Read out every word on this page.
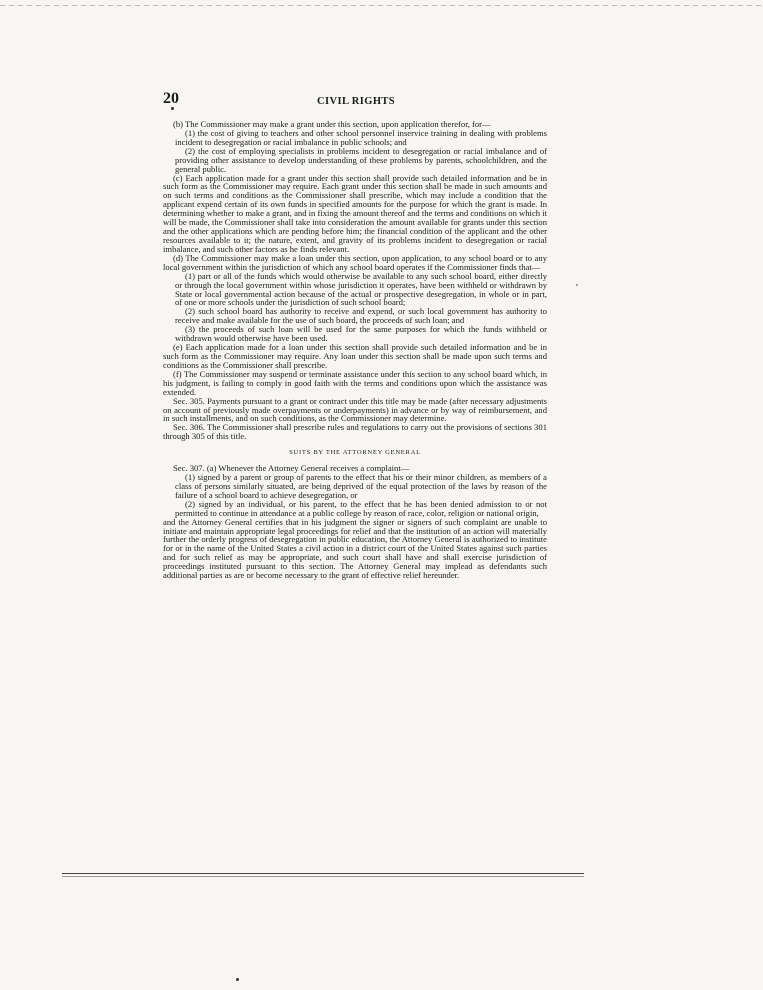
20	CIVIL RIGHTS

(b) The Commissioner may make a grant under this section, upon application therefor, for—

(1) the cost of giving to teachers and other school personnel inservice training in dealing with problems incident to desegregation or racial imbalance in public schools; and

(2) the cost of employing specialists in problems incident to desegregation or racial imbalance and of providing other assistance to develop understanding of these problems by parents, schoolchildren, and the general public.

(c) Each application made for a grant under this section shall provide such detailed information and be in such form as the Commissioner may require. Each grant under this section shall be made in such amounts and on such terms and conditions as the Commissioner shall prescribe, which may include a condition that the applicant expend certain of its own funds in specified amounts for the purpose for which the grant is made. In determining whether to make a grant, and in fixing the amount thereof and the terms and conditions on which it will be made, the Commissioner shall take into consideration the amount available for grants under this section and the other applications which are pending before him; the financial condition of the applicant and the other resources available to it; the nature, extent, and gravity of its problems incident to desegregation or racial imbalance, and such other factors as he finds relevant.

(d) The Commissioner may make a loan under this section, upon application, to any school board or to any local government within the jurisdiction of which any school board operates if the Commissioner finds that—

(1) part or all of the funds which would otherwise be available to any such school board, either directly or through the local government within whose jurisdiction it operates, have been withheld or withdrawn by State or local governmental action because of the actual or prospective desegregation, in whole or in part, of one or more schools under the jurisdiction of such school board;

(2) such school board has authority to receive and expend, or such local government has authority to receive and make available for the use of such board, the proceeds of such loan; and

(3) the proceeds of such loan will be used for the same purposes for which the funds withheld or withdrawn would otherwise have been used.

(e) Each application made for a loan under this section shall provide such detailed information and be in such form as the Commissioner may require. Any loan under this section shall be made upon such terms and conditions as the Commissioner shall prescribe.

(f) The Commissioner may suspend or terminate assistance under this section to any school board which, in his judgment, is failing to comply in good faith with the terms and conditions upon which the assistance was extended.

Sec. 305. Payments pursuant to a grant or contract under this title may be made (after necessary adjustments on account of previously made overpayments or underpayments) in advance or by way of reimbursement, and in such installments, and on such conditions, as the Commissioner may determine.

Sec. 306. The Commissioner shall prescribe rules and regulations to carry out the provisions of sections 301 through 305 of this title.

SUITS BY THE ATTORNEY GENERAL

Sec. 307. (a) Whenever the Attorney General receives a complaint—

(1) signed by a parent or group of parents to the effect that his or their minor children, as members of a class of persons similarly situated, are being deprived of the equal protection of the laws by reason of the failure of a school board to achieve desegregation, or

(2) signed by an individual, or his parent, to the effect that he has been denied admission to or not permitted to continue in attendance at a public college by reason of race, color, religion or national origin,

and the Attorney General certifies that in his judgment the signer or signers of such complaint are unable to initiate and maintain appropriate legal proceedings for relief and that the institution of an action will materially further the orderly progress of desegregation in public education, the Attorney General is authorized to institute for or in the name of the United States a civil action in a district court of the United States against such parties and for such relief as may be appropriate, and such court shall have and shall exercise jurisdiction of proceedings instituted pursuant to this section. The Attorney General may implead as defendants such additional parties as are or become necessary to the grant of effective relief hereunder.
